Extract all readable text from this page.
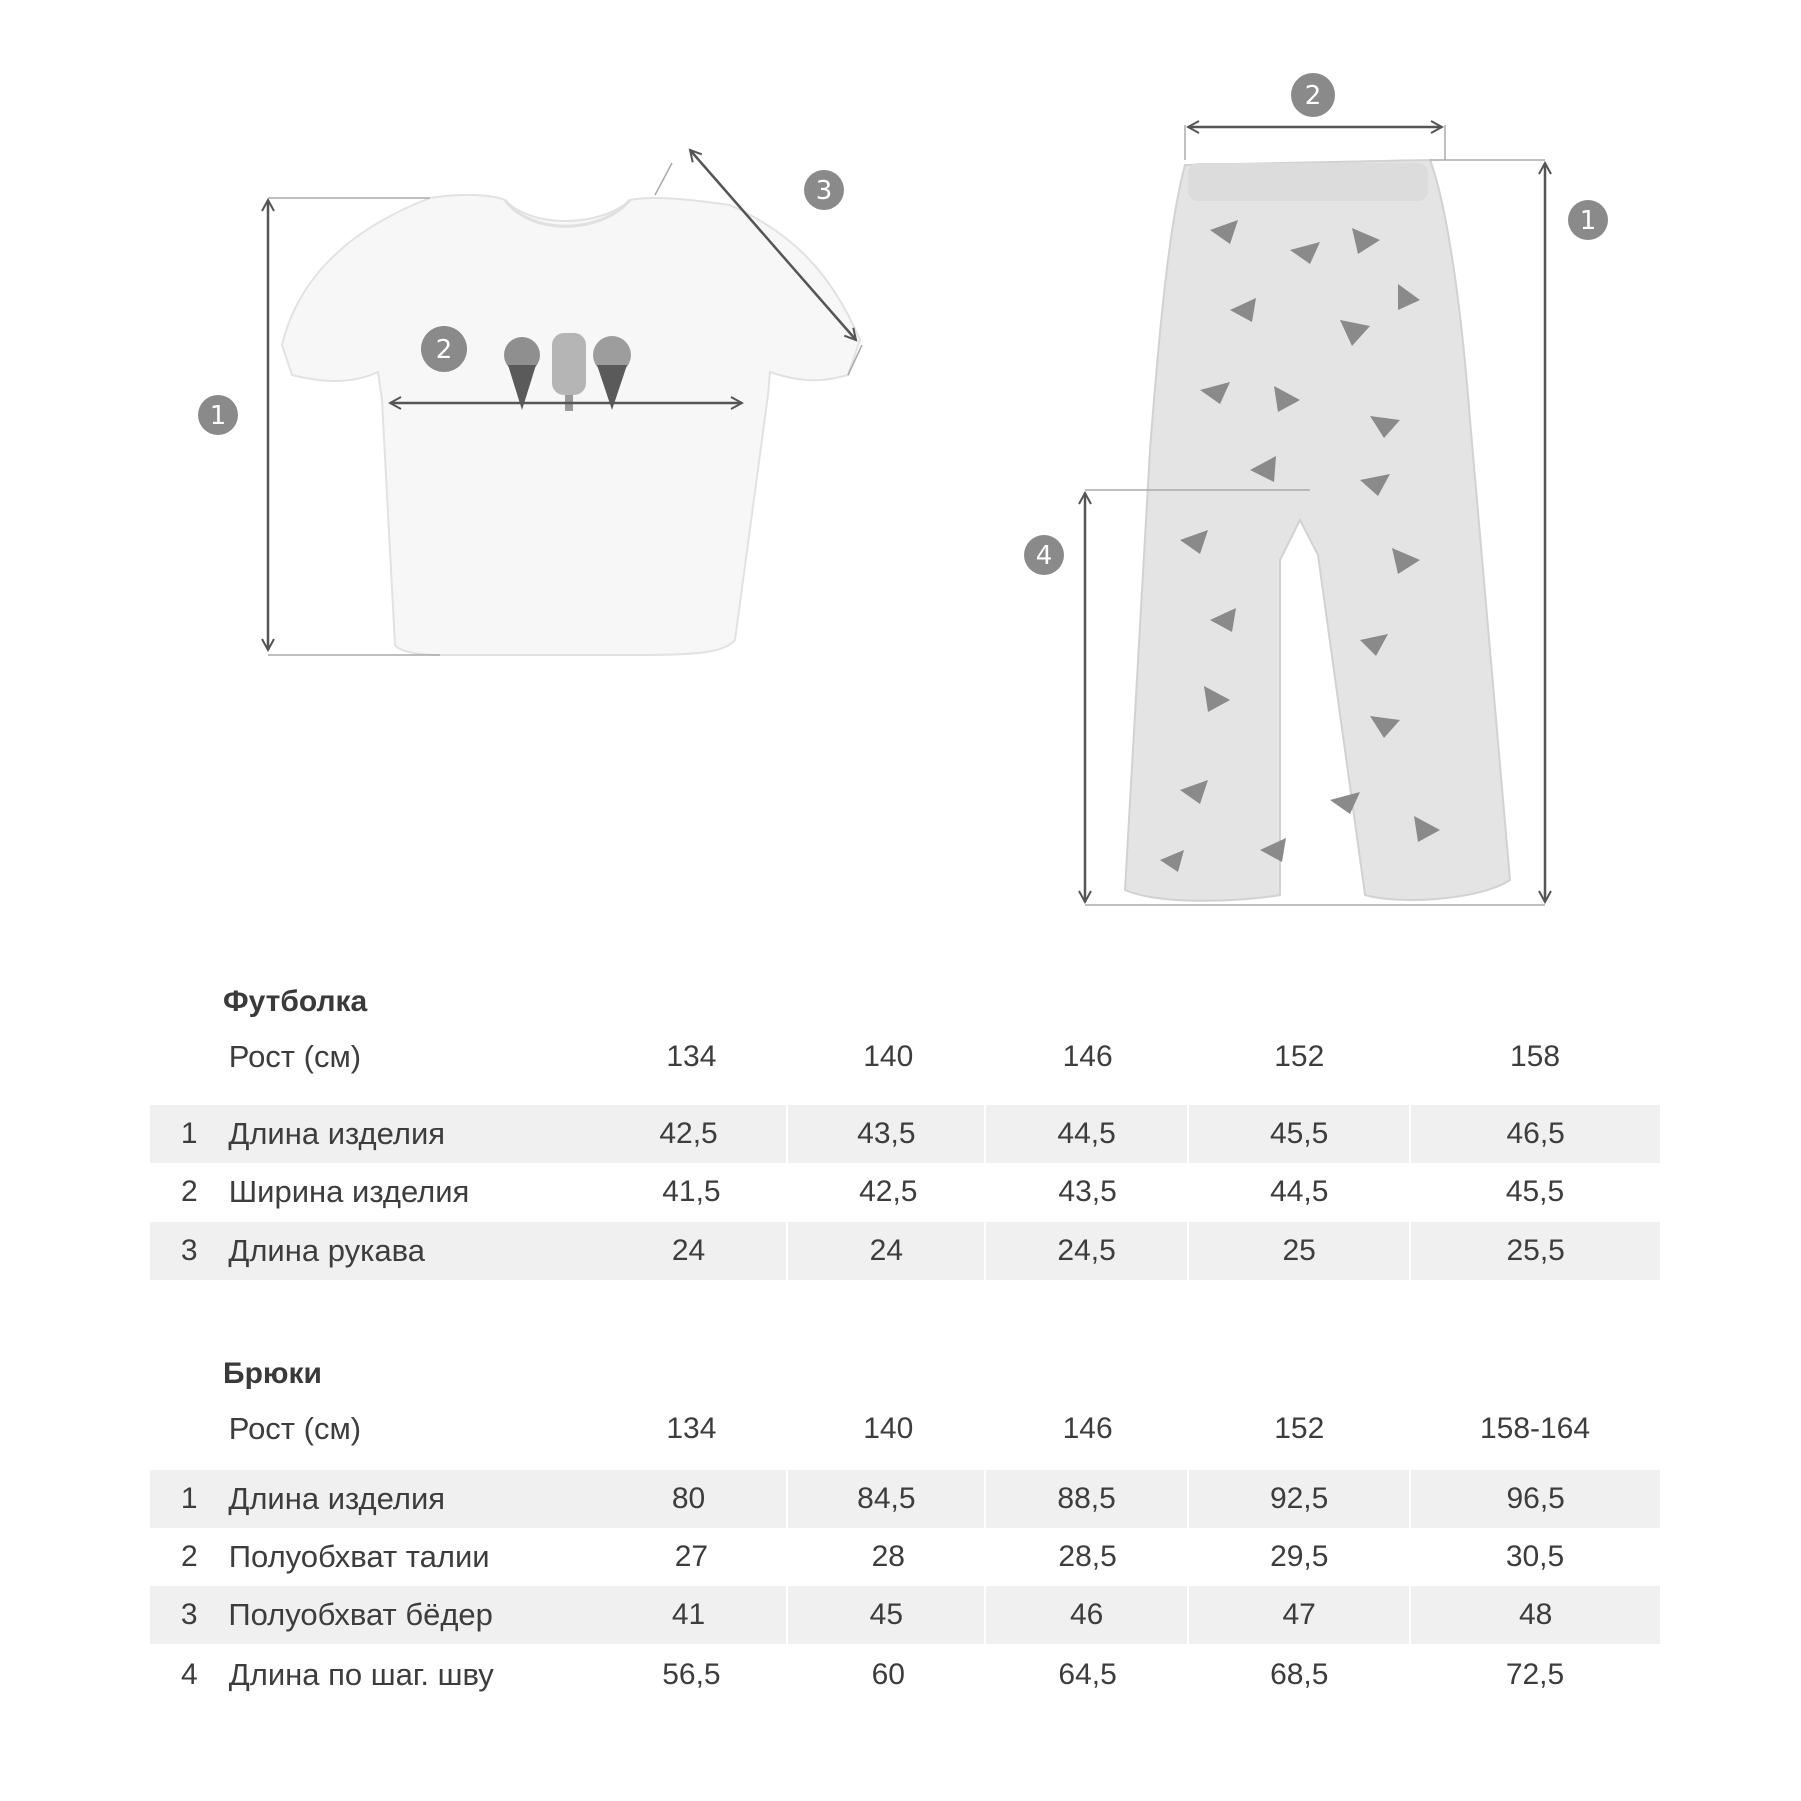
1
2
3
1
2
4
Футболка
Рост (см)	134	140	146	152	158
1 Длина изделия	42,5	43,5	44,5	45,5	46,5
2	Ширина изделия	41,5	42,5	43,5	44,5	45,5
3 Длина рукава	24	24	24,5	25	25,5
Брюки
Рост (см)	134	140	146	152	158-164
1 Длина изделия	80	84,5	88,5	92,5	96,5
2	Полуобхват талии	27	28	28,5	29,5	30,5
3 Полуобхват бёдер	41	45	46	47	48
4	Длина по шаг. шву	56,5	60	64,5	68,5	72,5
